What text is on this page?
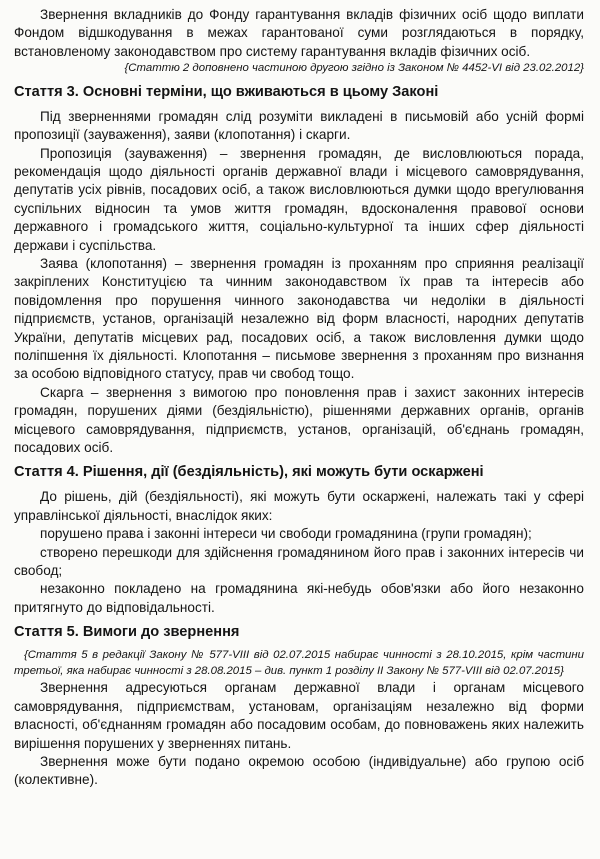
Звернення вкладників до Фонду гарантування вкладів фізичних осіб щодо виплати Фондом відшкодування в межах гарантованої суми розглядаються в порядку, встановленому законодавством про систему гарантування вкладів фізичних осіб.

{Статтю 2 доповнено частиною другою згідно із Законом № 4452-VI від 23.02.2012}

Стаття 3. Основні терміни, що вживаються в цьому Законі

Під зверненнями громадян слід розуміти викладені в письмовій або усній формі пропозиції (зауваження), заяви (клопотання) і скарги.

Пропозиція (зауваження) – звернення громадян, де висловлюються порада, рекомендація щодо діяльності органів державної влади і місцевого самоврядування, депутатів усіх рівнів, посадових осіб, а також висловлюються думки щодо врегулювання суспільних відносин та умов життя громадян, вдосконалення правової основи державного і громадського життя, соціально-культурної та інших сфер діяльності держави і суспільства.

Заява (клопотання) – звернення громадян із проханням про сприяння реалізації закріплених Конституцією та чинним законодавством їх прав та інтересів або повідомлення про порушення чинного законодавства чи недоліки в діяльності підприємств, установ, організацій незалежно від форм власності, народних депутатів України, депутатів місцевих рад, посадових осіб, а також висловлення думки щодо поліпшення їх діяльності. Клопотання – письмове звернення з проханням про визнання за особою відповідного статусу, прав чи свобод тощо.

Скарга – звернення з вимогою про поновлення прав і захист законних інтересів громадян, порушених діями (бездіяльністю), рішеннями державних органів, органів місцевого самоврядування, підприємств, установ, організацій, об'єднань громадян, посадових осіб.

Стаття 4. Рішення, дії (бездіяльність), які можуть бути оскаржені

До рішень, дій (бездіяльності), які можуть бути оскаржені, належать такі у сфері управлінської діяльності, внаслідок яких:

порушено права і законні інтереси чи свободи громадянина (групи громадян);

створено перешкоди для здійснення громадянином його прав і законних інтересів чи свобод;

незаконно покладено на громадянина які-небудь обов'язки або його незаконно притягнуто до відповідальності.

Стаття 5. Вимоги до звернення

{Стаття 5 в редакції Закону № 577-VIII від 02.07.2015 набирає чинності з 28.10.2015, крім частини третьої, яка набирає чинності з 28.08.2015 – див. пункт 1 розділу II Закону № 577-VIII від 02.07.2015}

Звернення адресуються органам державної влади і органам місцевого самоврядування, підприємствам, установам, організаціям незалежно від форми власності, об'єднанням громадян або посадовим особам, до повноважень яких належить вирішення порушених у зверненнях питань.

Звернення може бути подано окремою особою (індивідуальне) або групою осіб (колективне).
